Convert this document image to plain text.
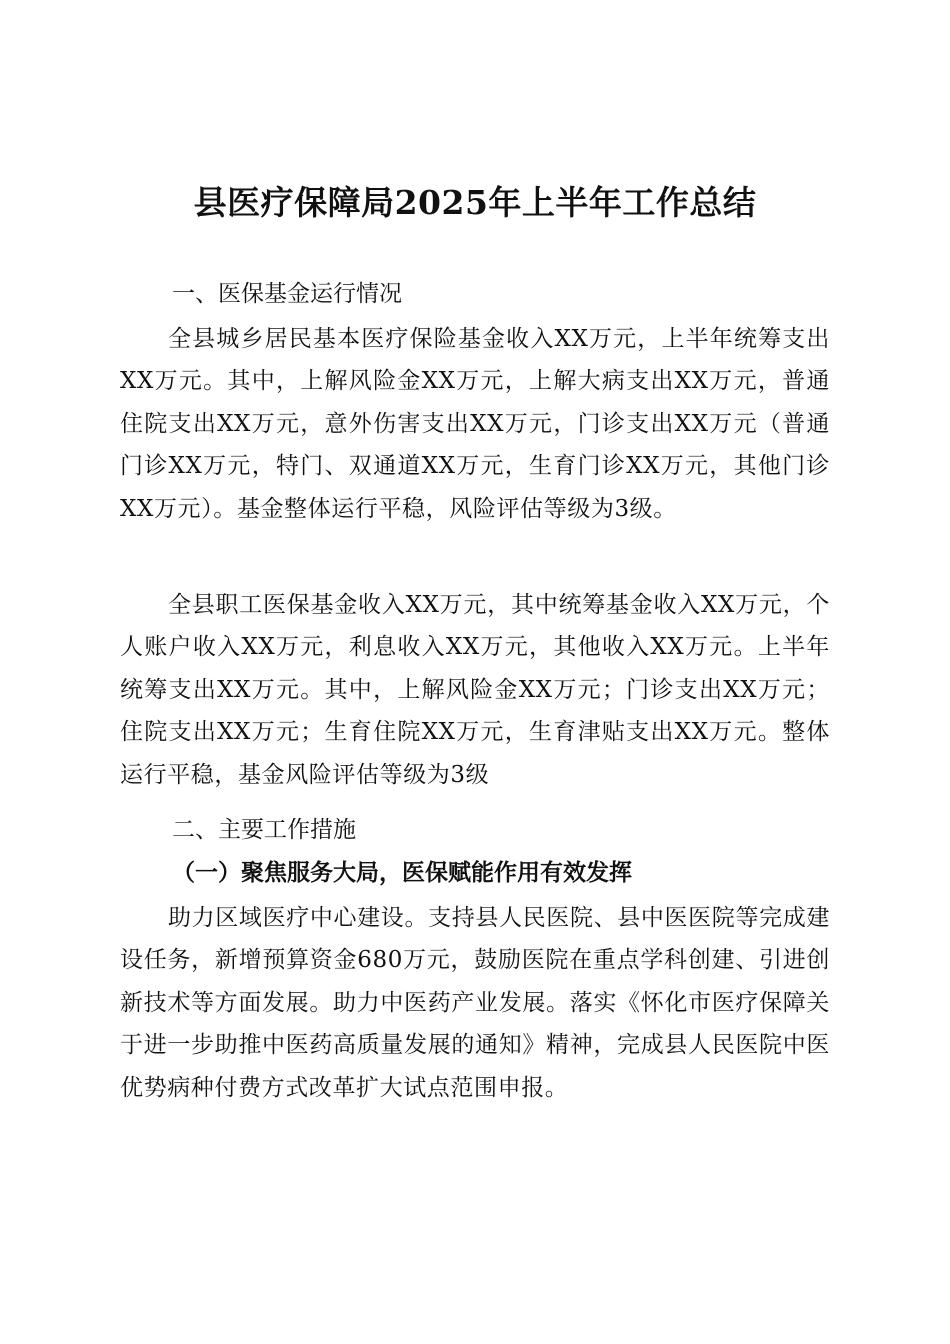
县医疗保障局2025年上半年工作总结
一、医保基金运行情况
全县城乡居民基本医疗保险基金收入XX万元，上半年统筹支出XX万元。其中，上解风险金XX万元，上解大病支出XX万元，普通住院支出XX万元，意外伤害支出XX万元，门诊支出XX万元（普通门诊XX万元，特门、双通道XX万元，生育门诊XX万元，其他门诊XX万元）。基金整体运行平稳，风险评估等级为3级。
全县职工医保基金收入XX万元，其中统筹基金收入XX万元，个人账户收入XX万元，利息收入XX万元，其他收入XX万元。上半年统筹支出XX万元。其中，上解风险金XX万元；门诊支出XX万元；住院支出XX万元；生育住院XX万元，生育津贴支出XX万元。整体运行平稳，基金风险评估等级为3级
二、主要工作措施
（一）聚焦服务大局，医保赋能作用有效发挥
助力区域医疗中心建设。支持县人民医院、县中医医院等完成建设任务，新增预算资金680万元，鼓励医院在重点学科创建、引进创新技术等方面发展。助力中医药产业发展。落实《怀化市医疗保障关于进一步助推中医药高质量发展的通知》精神，完成县人民医院中医优势病种付费方式改革扩大试点范围申报。
